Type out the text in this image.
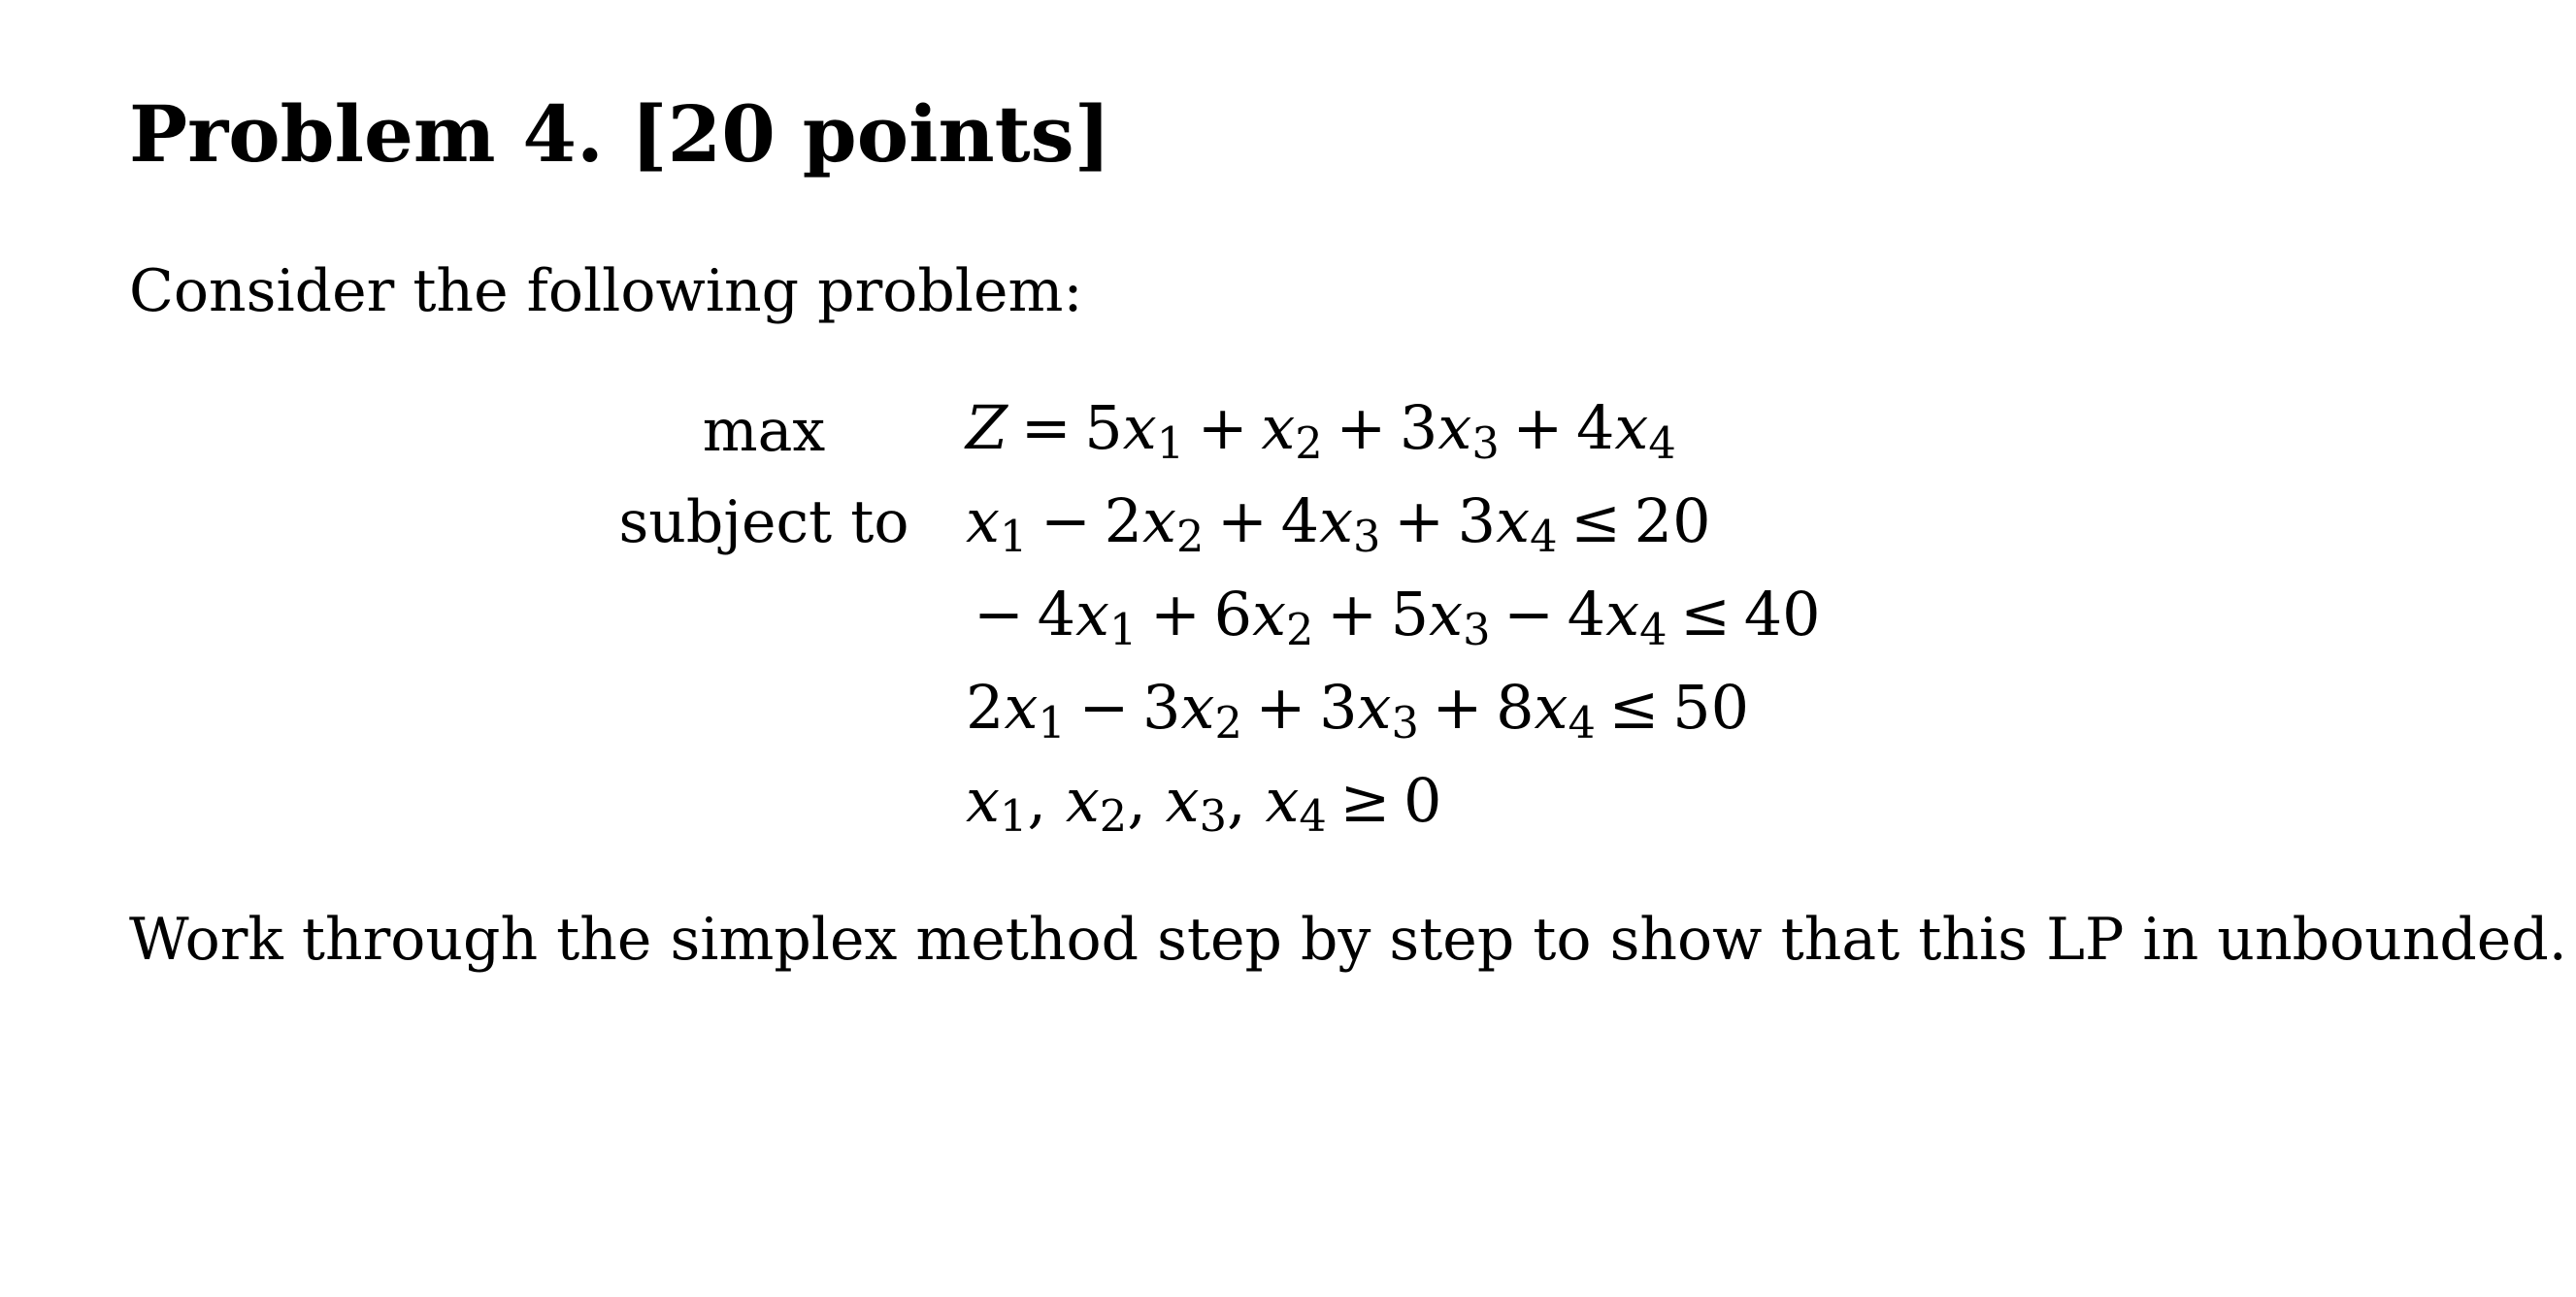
Problem 4. [20 points]

Consider the following problem:

max
subject to
$Z = 5x_1 + x_2 + 3x_3 + 4x_4$
$x_1 - 2x_2 + 4x_3 + 3x_4 \le 20$
− $4x_1 + 6x_2 + 5x_3 - 4x_4 \le 40$
$2x_1 - 3x_2 + 3x_3 + 8x_4 \le 50$
$x_1$, $x_2$, $x_3$, $x_4 \ge 0$

Work through the simplex method step by step to show that this LP in unbounded.
